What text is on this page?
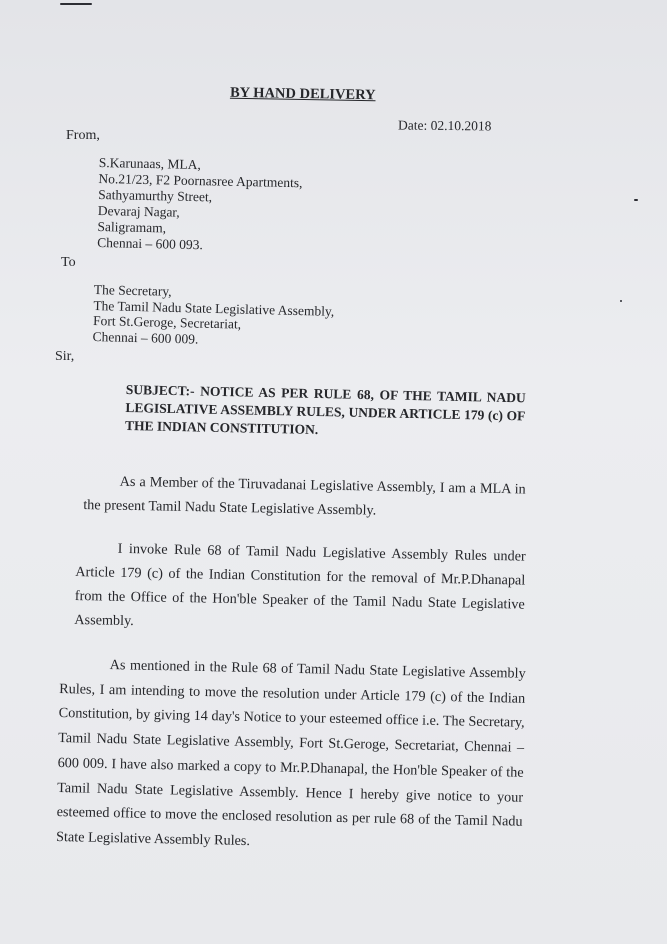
BY HAND DELIVERY
Date: 02.10.2018
From,
S.Karunaas, MLA,
No.21/23, F2 Poornasree Apartments,
Sathyamurthy Street,
Devaraj Nagar,
Saligramam,
Chennai – 600 093.
To
The Secretary,
The Tamil Nadu State Legislative Assembly,
Fort St.Geroge, Secretariat,
Chennai – 600 009.
Sir,
SUBJECT:- NOTICE AS PER RULE 68, OF THE TAMIL NADU LEGISLATIVE ASSEMBLY RULES, UNDER ARTICLE 179 (c) OF THE INDIAN CONSTITUTION.
As a Member of the Tiruvadanai Legislative Assembly, I am a MLA in the present Tamil Nadu State Legislative Assembly.
I invoke Rule 68 of Tamil Nadu Legislative Assembly Rules under Article 179 (c) of the Indian Constitution for the removal of Mr.P.Dhanapal from the Office of the Hon'ble Speaker of the Tamil Nadu State Legislative Assembly.
As mentioned in the Rule 68 of Tamil Nadu State Legislative Assembly Rules, I am intending to move the resolution under Article 179 (c) of the Indian Constitution, by giving 14 day's Notice to your esteemed office i.e. The Secretary, Tamil Nadu State Legislative Assembly, Fort St.Geroge, Secretariat, Chennai – 600 009. I have also marked a copy to Mr.P.Dhanapal, the Hon'ble Speaker of the Tamil Nadu State Legislative Assembly. Hence I hereby give notice to your esteemed office to move the enclosed resolution as per rule 68 of the Tamil Nadu State Legislative Assembly Rules.
